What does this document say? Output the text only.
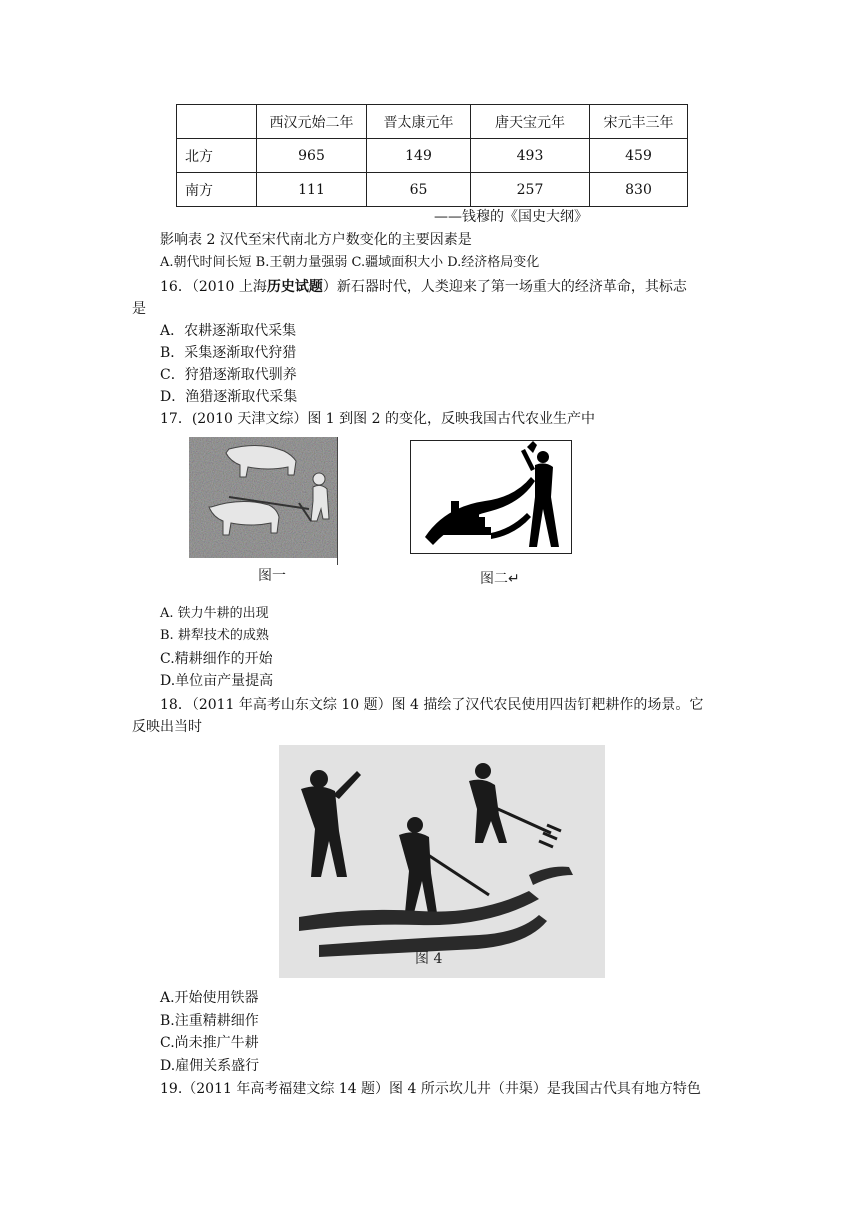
	西汉元始二年	晋太康元年	唐天宝元年	宋元丰三年
北方	965	149	493	459
南方	111	65	257	830
——钱穆的《国史大纲》
影响表 2 汉代至宋代南北方户数变化的主要因素是
A.朝代时间长短 B.王朝力量强弱 C.疆域面积大小 D.经济格局变化
16．（2010 上海历史试题）新石器时代，人类迎来了第一场重大的经济革命，其标志
是
A．农耕逐渐取代采集
B．采集逐渐取代狩猎
C．狩猎逐渐取代驯养
D．渔猎逐渐取代采集
17．(2010 天津文综）图 1 到图 2 的变化，反映我国古代农业生产中
图一	图二↵
A. 铁力牛耕的出现
B. 耕犁技术的成熟
C.精耕细作的开始
D.单位亩产量提高
18．（2011 年高考山东文综 10 题）图 4 描绘了汉代农民使用四齿钉耙耕作的场景。它
反映出当时
图 4
A.开始使用铁器
B.注重精耕细作
C.尚未推广牛耕
D.雇佣关系盛行
19.（2011 年高考福建文综 14 题）图 4 所示坎儿井（井渠）是我国古代具有地方特色
